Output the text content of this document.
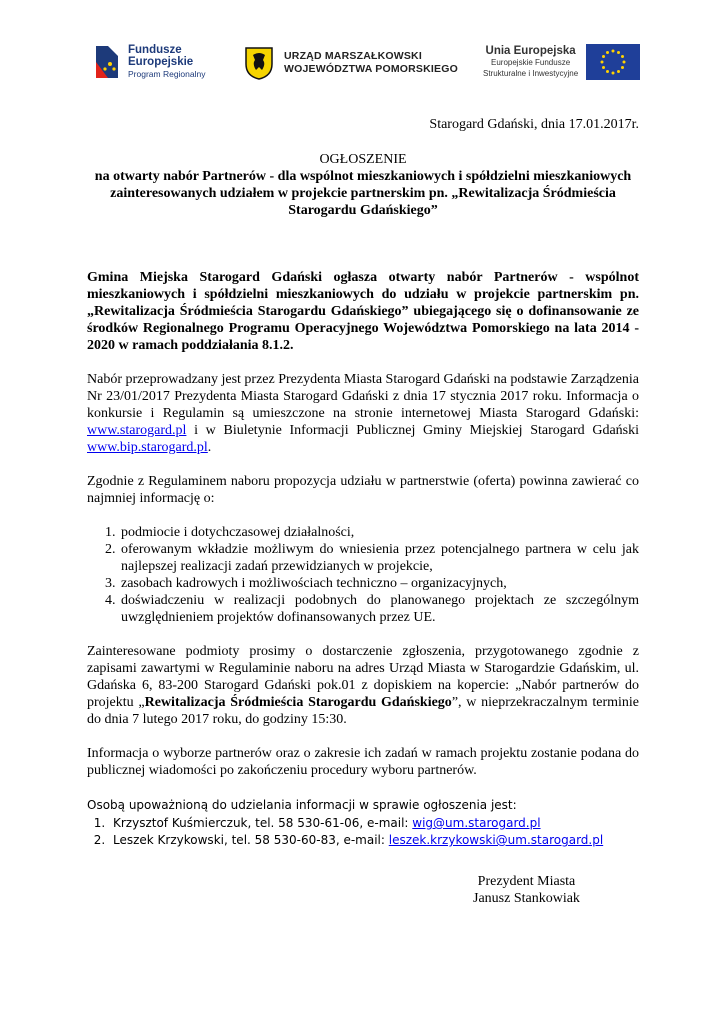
Fundusze
Europejskie
Program Regionalny
URZĄD MARSZAŁKOWSKI
WOJEWÓDZTWA POMORSKIEGO
Unia Europejska
Europejskie Fundusze
Strukturalne i Inwestycyjne
Starogard Gdański, dnia 17.01.2017r.
OGŁOSZENIE
na otwarty nabór Partnerów - dla wspólnot mieszkaniowych i spółdzielni mieszkaniowych zainteresowanych udziałem w projekcie partnerskim pn. „Rewitalizacja Śródmieścia Starogardu Gdańskiego”

Gmina Miejska Starogard Gdański ogłasza otwarty nabór Partnerów - wspólnot mieszkaniowych i spółdzielni mieszkaniowych do udziału w projekcie partnerskim pn. „Rewitalizacja Śródmieścia Starogardu Gdańskiego” ubiegającego się o dofinansowanie ze środków Regionalnego Programu Operacyjnego Województwa Pomorskiego na lata 2014 - 2020 w ramach poddziałania 8.1.2.

Nabór przeprowadzany jest przez Prezydenta Miasta Starogard Gdański na podstawie Zarządzenia Nr 23/01/2017 Prezydenta Miasta Starogard Gdański z dnia 17 stycznia 2017 roku. Informacja o konkursie i Regulamin są umieszczone na stronie internetowej Miasta Starogard Gdański: www.starogard.pl i w Biuletynie Informacji Publicznej Gminy Miejskiej Starogard Gdański www.bip.starogard.pl.

Zgodnie z Regulaminem naboru propozycja udziału w partnerstwie (oferta) powinna zawierać co najmniej informację o:

1. podmiocie i dotychczasowej działalności,
2. oferowanym wkładzie możliwym do wniesienia przez potencjalnego partnera w celu jak najlepszej realizacji zadań przewidzianych w projekcie,
3. zasobach kadrowych i możliwościach techniczno – organizacyjnych,
4. doświadczeniu w realizacji podobnych do planowanego projektach ze szczególnym uwzględnieniem projektów dofinansowanych przez UE.

Zainteresowane podmioty prosimy o dostarczenie zgłoszenia, przygotowanego zgodnie z zapisami zawartymi w Regulaminie naboru na adres Urząd Miasta w Starogardzie Gdańskim, ul. Gdańska 6, 83-200 Starogard Gdański pok.01 z dopiskiem na kopercie: „Nabór partnerów do projektu „Rewitalizacja Śródmieścia Starogardu Gdańskiego”, w nieprzekraczalnym terminie do dnia 7 lutego 2017 roku, do godziny 15:30.

Informacja o wyborze partnerów oraz o zakresie ich zadań w ramach projektu zostanie podana do publicznej wiadomości po zakończeniu procedury wyboru partnerów.

Osobą upoważnioną do udzielania informacji w sprawie ogłoszenia jest:
1. Krzysztof Kuśmierczuk, tel. 58 530-61-06, e-mail: wig@um.starogard.pl
2. Leszek Krzykowski, tel. 58 530-60-83, e-mail: leszek.krzykowski@um.starogard.pl
Prezydent Miasta
Janusz Stankowiak
